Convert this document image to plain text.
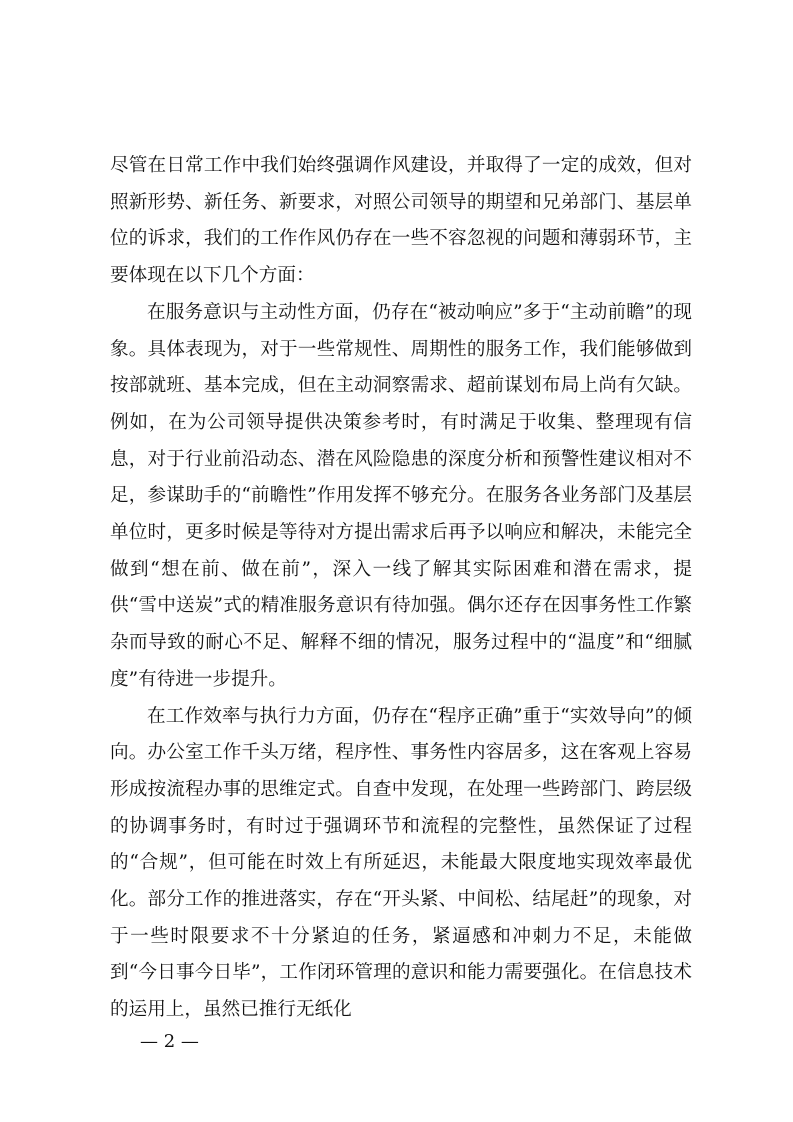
尽管在日常工作中我们始终强调作风建设，并取得了一定的成效，但对照新形势、新任务、新要求，对照公司领导的期望和兄弟部门、基层单位的诉求，我们的工作作风仍存在一些不容忽视的问题和薄弱环节，主要体现在以下几个方面：

在服务意识与主动性方面，仍存在“被动响应”多于“主动前瞻”的现象。具体表现为，对于一些常规性、周期性的服务工作，我们能够做到按部就班、基本完成，但在主动洞察需求、超前谋划布局上尚有欠缺。例如，在为公司领导提供决策参考时，有时满足于收集、整理现有信息，对于行业前沿动态、潜在风险隐患的深度分析和预警性建议相对不足，参谋助手的“前瞻性”作用发挥不够充分。在服务各业务部门及基层单位时，更多时候是等待对方提出需求后再予以响应和解决，未能完全做到“想在前、做在前”，深入一线了解其实际困难和潜在需求，提供“雪中送炭”式的精准服务意识有待加强。偶尔还存在因事务性工作繁杂而导致的耐心不足、解释不细的情况，服务过程中的“温度”和“细腻度”有待进一步提升。

在工作效率与执行力方面，仍存在“程序正确”重于“实效导向”的倾向。办公室工作千头万绪，程序性、事务性内容居多，这在客观上容易形成按流程办事的思维定式。自查中发现，在处理一些跨部门、跨层级的协调事务时，有时过于强调环节和流程的完整性，虽然保证了过程的“合规”，但可能在时效上有所延迟，未能最大限度地实现效率最优化。部分工作的推进落实，存在“开头紧、中间松、结尾赶”的现象，对于一些时限要求不十分紧迫的任务，紧逼感和冲刺力不足，未能做到“今日事今日毕”，工作闭环管理的意识和能力需要强化。在信息技术的运用上，虽然已推行无纸化

— 2 —
